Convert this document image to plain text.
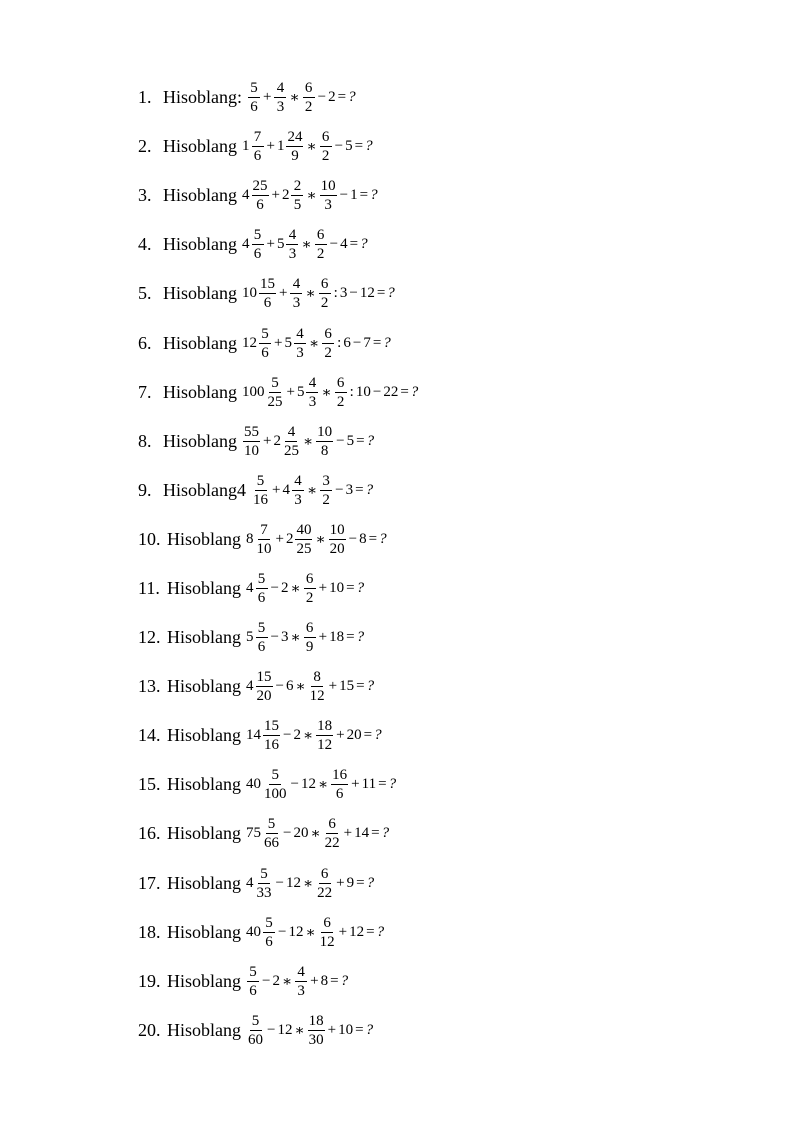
1. Hisoblang: $\frac{5}{6} + \frac{4}{3}$ ∗ $\frac{6}{2} - 2$ = ?
2. Hisoblang $1 \frac{7}{6} + 1 \frac{24}{9}$ ∗ $\frac{6}{2} - 5$ = ?
3. Hisoblang $4 \frac{25}{6} + 2 \frac{2}{5}$ ∗ $\frac{10}{3} - 1$ = ?
4. Hisoblang $4 \frac{5}{6} + 5 \frac{4}{3}$ ∗ $\frac{6}{2} - 4$ = ?
5. Hisoblang $10 \frac{15}{6} + \frac{4}{3}$ ∗ $\frac{6}{2}$ : 3 − 12 = ?
6. Hisoblang $12 \frac{5}{6} + 5 \frac{4}{3}$ ∗ $\frac{6}{2}$ : 6 − 7 = ?
7. Hisoblang $100 \frac{5}{25} + 5 \frac{4}{3}$ ∗ $\frac{6}{2}$ : 10 − 22 = ?
8. Hisoblang $\frac{55}{10} + 2 \frac{4}{25}$ ∗ $\frac{10}{8} - 5$ = ?
9. Hisoblang4 $\frac{5}{16} + 4 \frac{4}{3}$ ∗ $\frac{3}{2} - 3$ = ?
10. Hisoblang $8 \frac{7}{10} + 2 \frac{40}{25}$ ∗ $\frac{10}{20} - 8$ = ?
11. Hisoblang $4 \frac{5}{6} - 2$ ∗ $\frac{6}{2} + 10$ = ?
12. Hisoblang $5 \frac{5}{6} - 3$ ∗ $\frac{6}{9} + 18$ = ?
13. Hisoblang $4 \frac{15}{20} - 6$ ∗ $\frac{8}{12} + 15$ = ?
14. Hisoblang $14 \frac{15}{16} - 2$ ∗ $\frac{18}{12} + 20$ = ?
15. Hisoblang $40 \frac{5}{100} - 12$ ∗ $\frac{16}{6} + 11$ = ?
16. Hisoblang $75 \frac{5}{66} - 20$ ∗ $\frac{6}{22} + 14$ = ?
17. Hisoblang $4 \frac{5}{33} - 12$ ∗ $\frac{6}{22} + 9$ = ?
18. Hisoblang $40 \frac{5}{6} - 12$ ∗ $\frac{6}{12} + 12$ = ?
19. Hisoblang $\frac{5}{6} - 2$ ∗ $\frac{4}{3} + 8$ = ?
20. Hisoblang $\frac{5}{60} - 12$ ∗ $\frac{18}{30} + 10$ = ?
